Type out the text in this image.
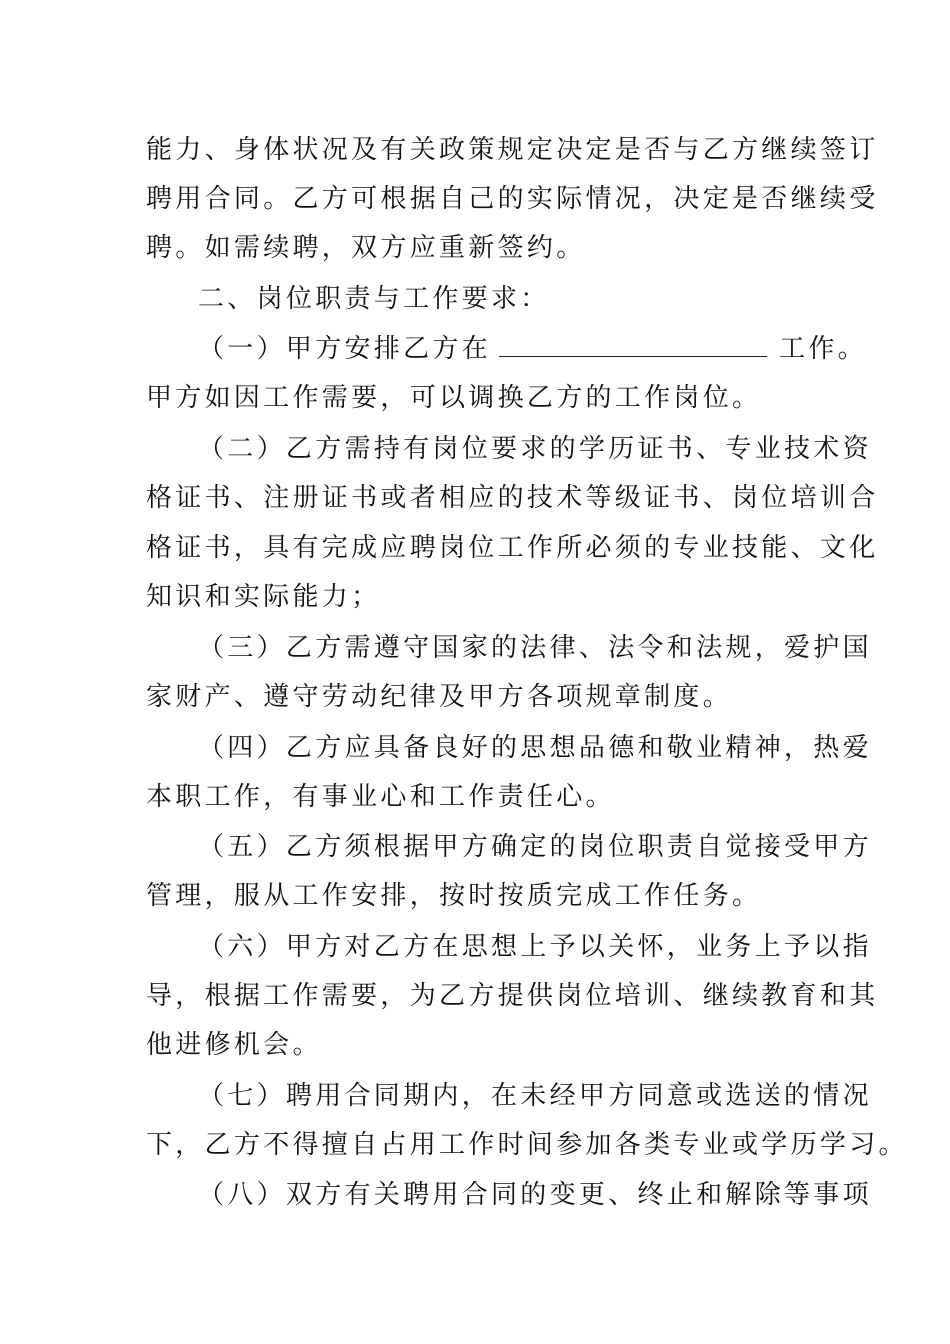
能力、身体状况及有关政策规定决定是否与乙方继续签订
聘用合同。乙方可根据自己的实际情况，决定是否继续受
聘。如需续聘，双方应重新签约。
二、岗位职责与工作要求：
（一）甲方安排乙方在	工作。
甲方如因工作需要，可以调换乙方的工作岗位。
（二）乙方需持有岗位要求的学历证书、专业技术资
格证书、注册证书或者相应的技术等级证书、岗位培训合
格证书，具有完成应聘岗位工作所必须的专业技能、文化
知识和实际能力；
（三）乙方需遵守国家的法律、法令和法规，爱护国
家财产、遵守劳动纪律及甲方各项规章制度。
（四）乙方应具备良好的思想品德和敬业精神，热爱
本职工作，有事业心和工作责任心。
（五）乙方须根据甲方确定的岗位职责自觉接受甲方
管理，服从工作安排，按时按质完成工作任务。
（六）甲方对乙方在思想上予以关怀，业务上予以指
导，根据工作需要，为乙方提供岗位培训、继续教育和其
他进修机会。
（七）聘用合同期内，在未经甲方同意或选送的情况
下，乙方不得擅自占用工作时间参加各类专业或学历学习。
（八）双方有关聘用合同的变更、终止和解除等事项
